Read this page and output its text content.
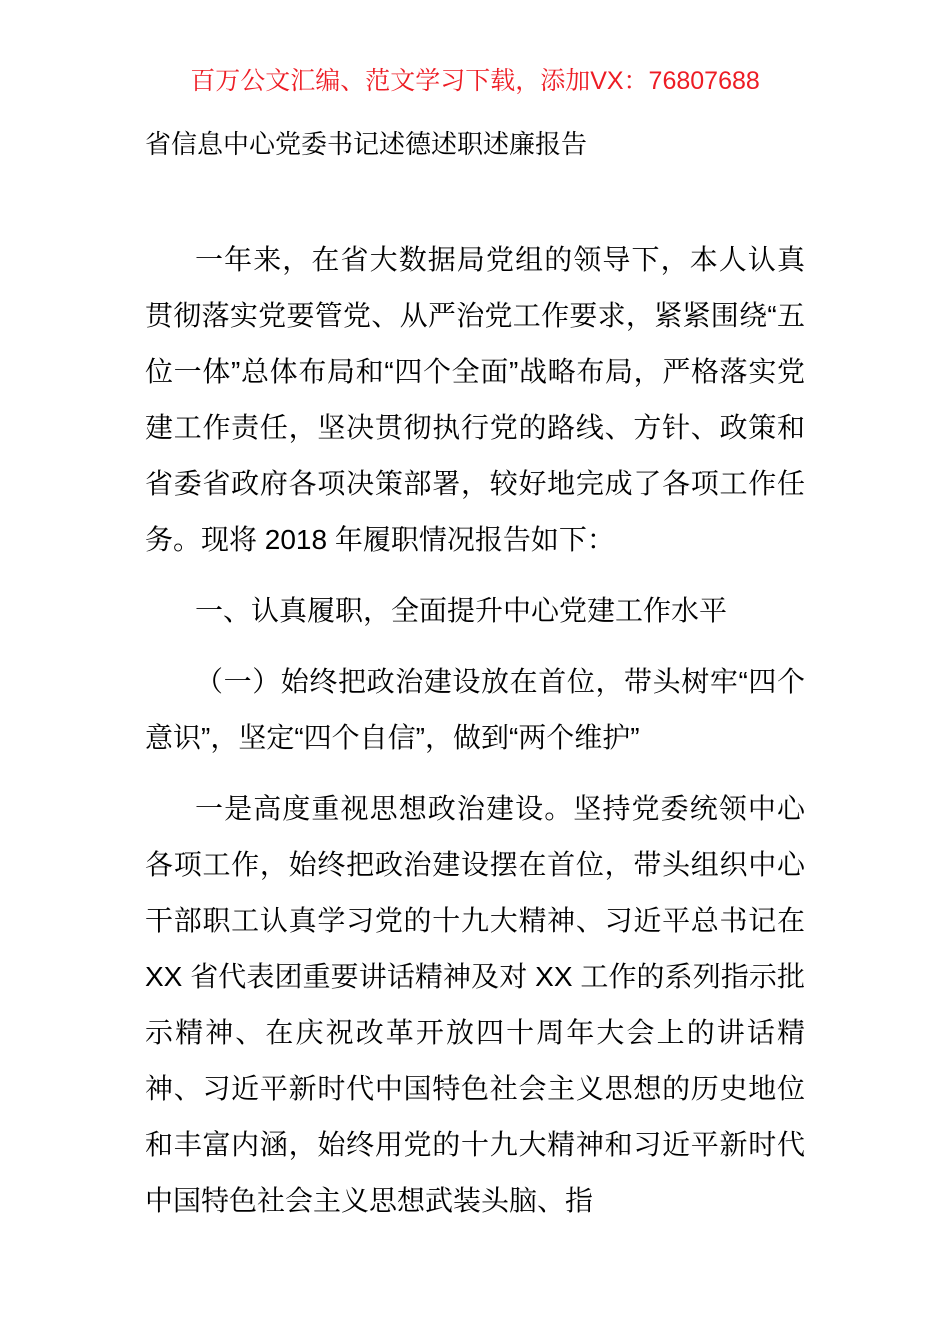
百万公文汇编、范文学习下载，添加VX：76807688
省信息中心党委书记述德述职述廉报告
一年来，在省大数据局党组的领导下，本人认真贯彻落实党要管党、从严治党工作要求，紧紧围绕“五位一体”总体布局和“四个全面”战略布局，严格落实党建工作责任，坚决贯彻执行党的路线、方针、政策和省委省政府各项决策部署，较好地完成了各项工作任务。现将 2018 年履职情况报告如下：
一、认真履职，全面提升中心党建工作水平
（一）始终把政治建设放在首位，带头树牢“四个意识”，坚定“四个自信”，做到“两个维护”
一是高度重视思想政治建设。坚持党委统领中心各项工作，始终把政治建设摆在首位，带头组织中心干部职工认真学习党的十九大精神、习近平总书记在 XX 省代表团重要讲话精神及对 XX 工作的系列指示批示精神、在庆祝改革开放四十周年大会上的讲话精神、习近平新时代中国特色社会主义思想的历史地位和丰富内涵，始终用党的十九大精神和习近平新时代中国特色社会主义思想武装头脑、指
